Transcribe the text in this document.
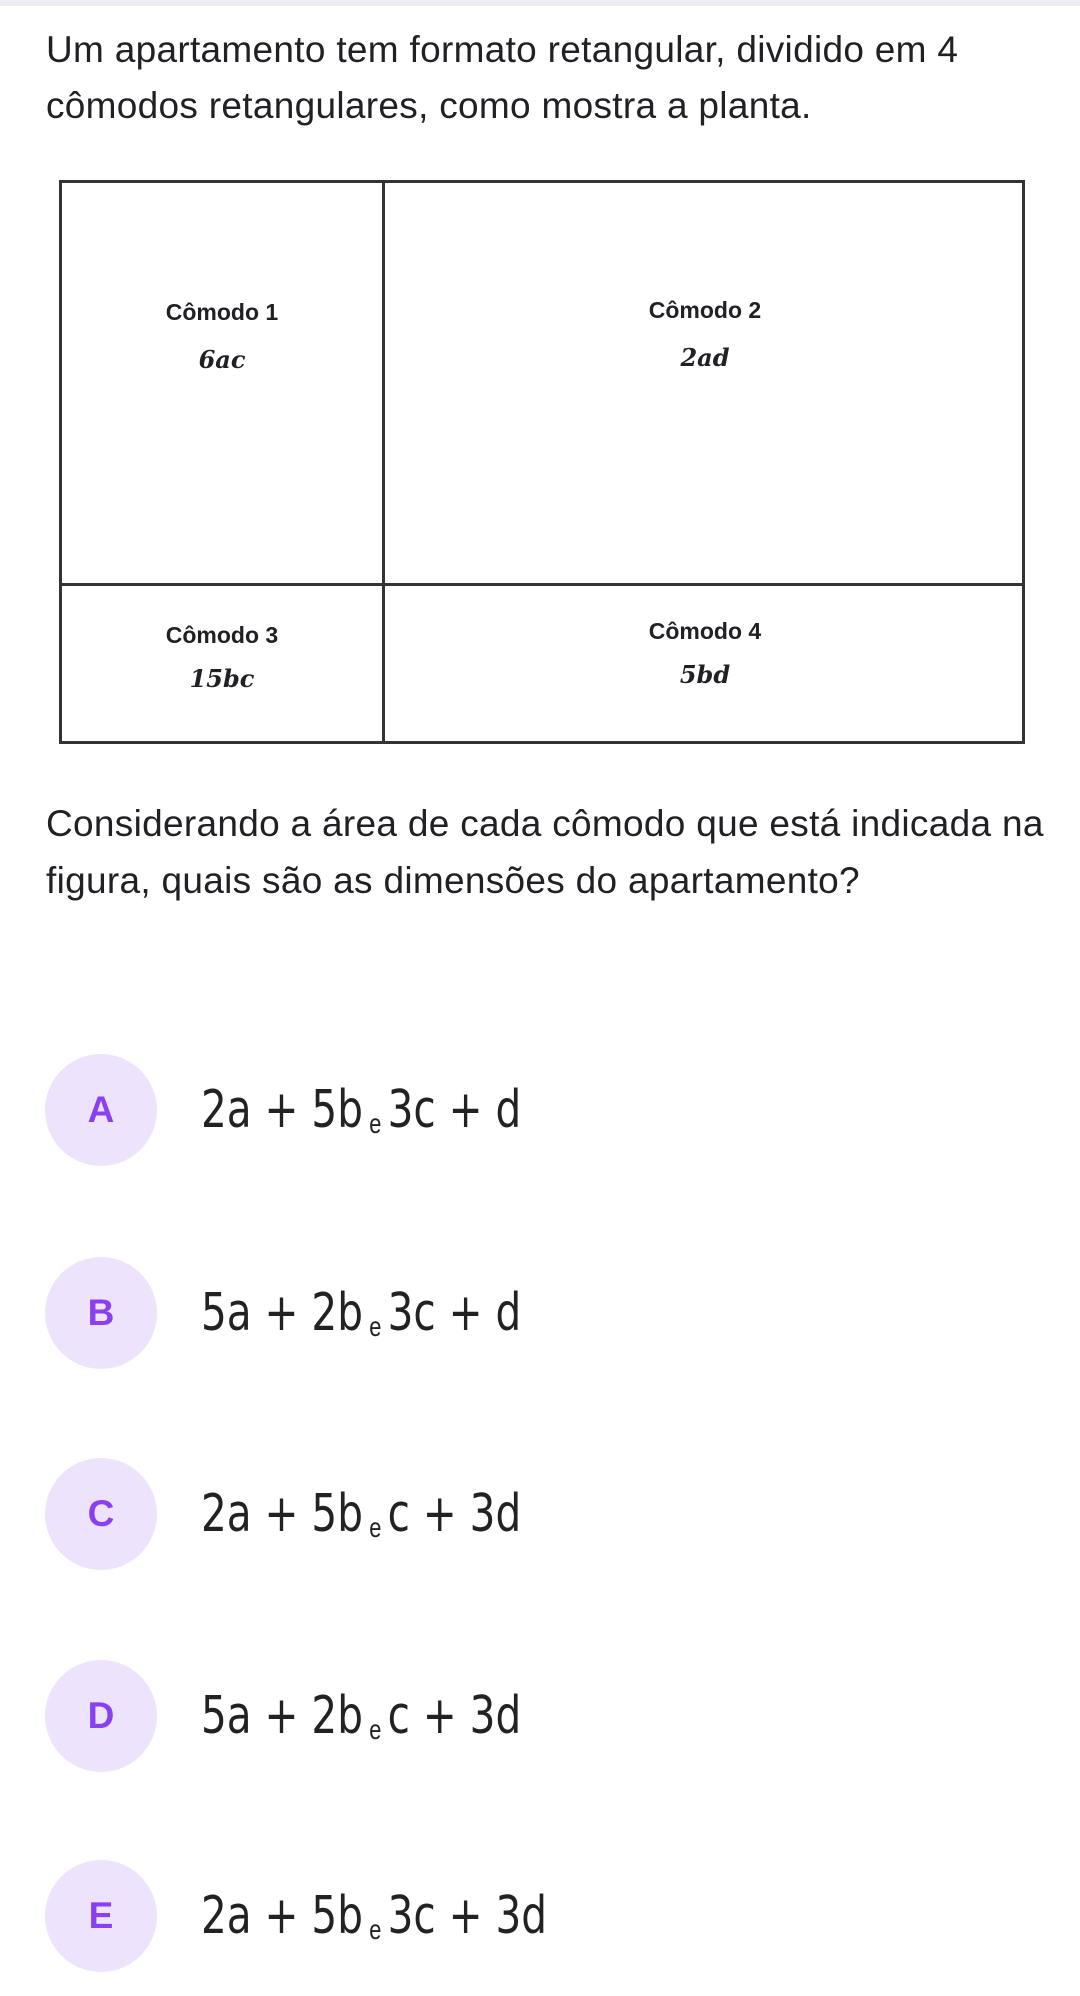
Um apartamento tem formato retangular, dividido em 4 cômodos retangulares, como mostra a planta.

Cômodo 1
6ac
Cômodo 2
2ad
Cômodo 3
15bc
Cômodo 4
5bd

Considerando a área de cada cômodo que está indicada na figura, quais são as dimensões do apartamento?

A	2a + 5b e 3c + d
B	5a + 2b e 3c + d
C	2a + 5b e c + 3d
D	5a + 2b e c + 3d
E	2a + 5b e 3c + 3d
